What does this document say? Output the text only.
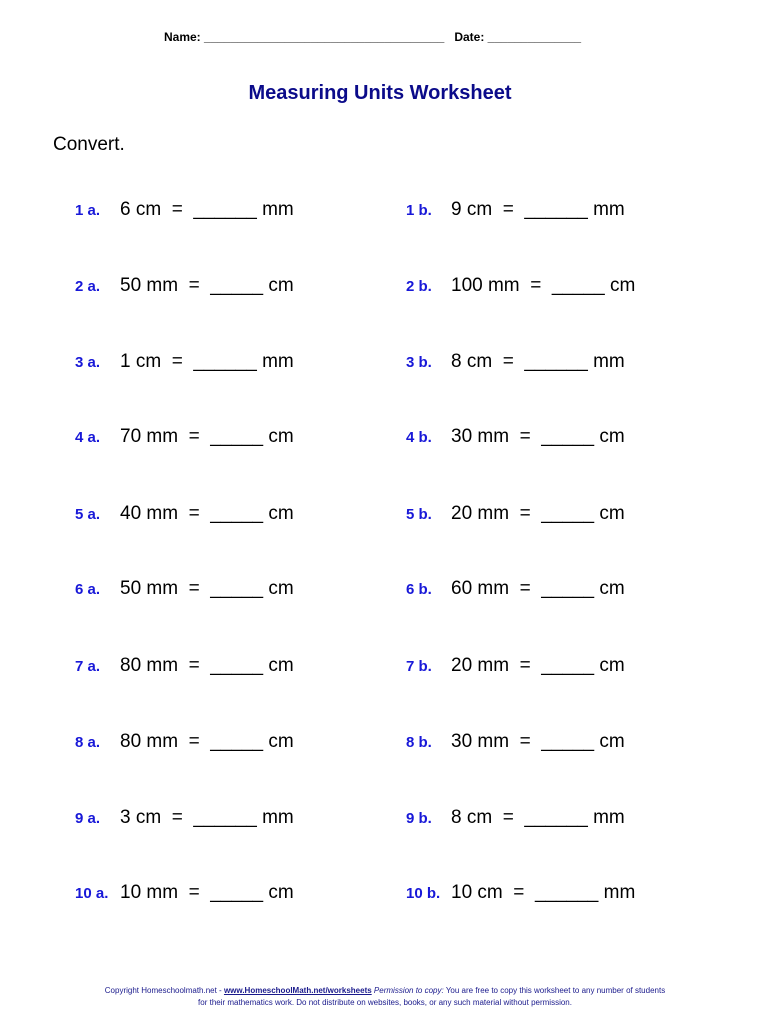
Name: ____________________________________ Date: ______________
Measuring Units Worksheet
Convert.
1 a. 6 cm  =  ______ mm
2 a. 50 mm  =  _____ cm
3 a. 1 cm  =  ______ mm
4 a. 70 mm  =  _____ cm
5 a. 40 mm  =  _____ cm
6 a. 50 mm  =  _____ cm
7 a. 80 mm  =  _____ cm
8 a. 80 mm  =  _____ cm
9 a. 3 cm  =  ______ mm
10 a. 10 mm  =  _____ cm
1 b. 9 cm  =  ______ mm
2 b. 100 mm  =  _____ cm
3 b. 8 cm  =  ______ mm
4 b. 30 mm  =  _____ cm
5 b. 20 mm  =  _____ cm
6 b. 60 mm  =  _____ cm
7 b. 20 mm  =  _____ cm
8 b. 30 mm  =  _____ cm
9 b. 8 cm  =  ______ mm
10 b. 10 cm  =  ______ mm
Copyright Homeschoolmath.net - www.HomeschoolMath.net/worksheets Permission to copy: You are free to copy this worksheet to any number of students for their mathematics work. Do not distribute on websites, books, or any such material without permission.
